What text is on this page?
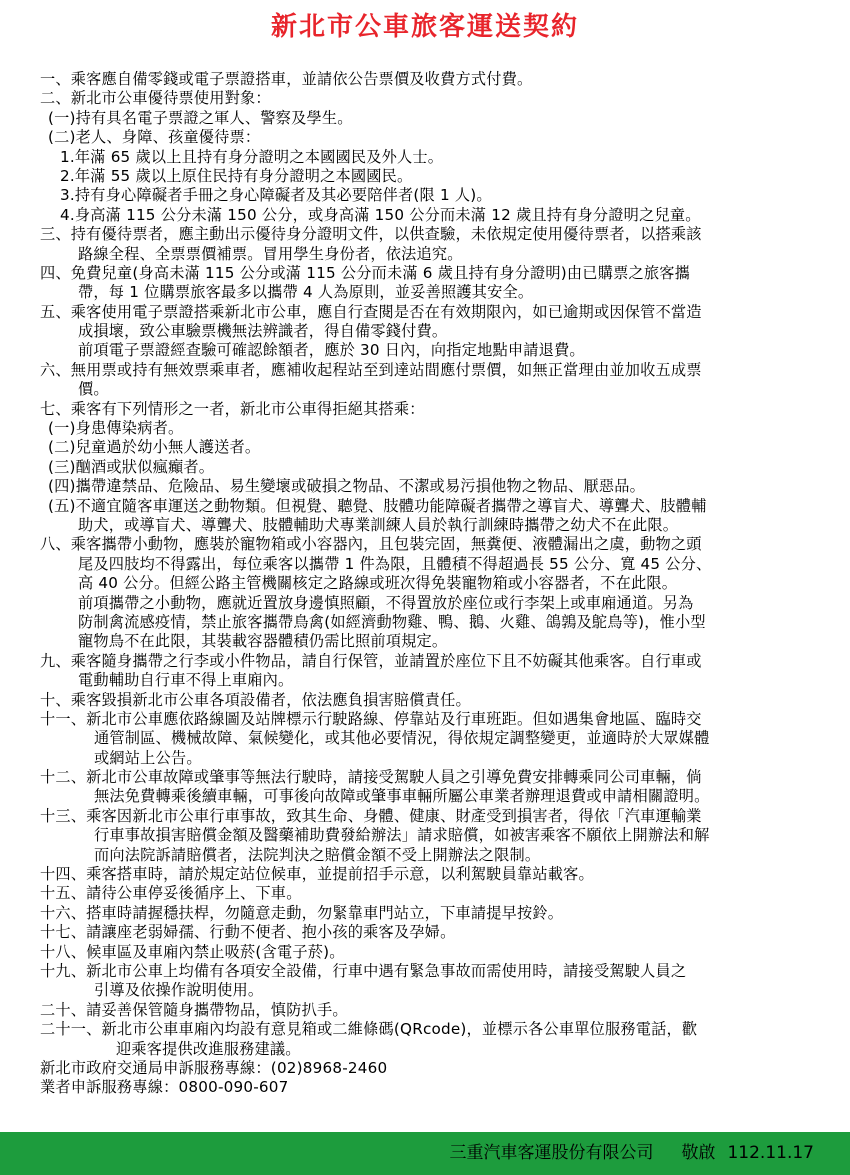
新北市公車旅客運送契約
一、乘客應自備零錢或電子票證搭車，並請依公告票價及收費方式付費。
二、新北市公車優待票使用對象：
(一)持有具名電子票證之軍人、警察及學生。
(二)老人、身障、孩童優待票：
1.年滿 65 歲以上且持有身分證明之本國國民及外人士。
2.年滿 55 歲以上原住民持有身分證明之本國國民。
3.持有身心障礙者手冊之身心障礙者及其必要陪伴者(限 1 人)。
4.身高滿 115 公分未滿 150 公分，或身高滿 150 公分而未滿 12 歲且持有身分證明之兒童。
三、持有優待票者，應主動出示優待身分證明文件，以供查驗，未依規定使用優待票者，以搭乘該
路線全程、全票票價補票。冒用學生身份者，依法追究。
四、免費兒童(身高未滿 115 公分或滿 115 公分而未滿 6 歲且持有身分證明)由已購票之旅客攜
帶，每 1 位購票旅客最多以攜帶 4 人為原則，並妥善照護其安全。
五、乘客使用電子票證搭乘新北市公車，應自行查閱是否在有效期限內，如已逾期或因保管不當造
成損壞，致公車驗票機無法辨識者，得自備零錢付費。
前項電子票證經查驗可確認餘額者，應於 30 日內，向指定地點申請退費。
六、無用票或持有無效票乘車者，應補收起程站至到達站間應付票價，如無正當理由並加收五成票
價。
七、乘客有下列情形之一者，新北市公車得拒絕其搭乘：
(一)身患傳染病者。
(二)兒童過於幼小無人護送者。
(三)酗酒或狀似瘋癲者。
(四)攜帶違禁品、危險品、易生變壞或破損之物品、不潔或易污損他物之物品、厭惡品。
(五)不適宜隨客車運送之動物類。但視覺、聽覺、肢體功能障礙者攜帶之導盲犬、導聾犬、肢體輔
助犬，或導盲犬、導聾犬、肢體輔助犬專業訓練人員於執行訓練時攜帶之幼犬不在此限。
八、乘客攜帶小動物，應裝於寵物箱或小容器內，且包裝完固，無糞便、液體漏出之虞，動物之頭
尾及四肢均不得露出，每位乘客以攜帶 1 件為限，且體積不得超過長 55 公分、寬 45 公分、
高 40 公分。但經公路主管機關核定之路線或班次得免裝寵物箱或小容器者，不在此限。
前項攜帶之小動物，應就近置放身邊慎照顧，不得置放於座位或行李架上或車廂通道。另為
防制禽流感疫情，禁止旅客攜帶鳥禽(如經濟動物雞、鴨、鵝、火雞、鴿鶉及鴕鳥等)，惟小型
寵物鳥不在此限，其裝載容器體積仍需比照前項規定。
九、乘客隨身攜帶之行李或小件物品，請自行保管，並請置於座位下且不妨礙其他乘客。自行車或
電動輔助自行車不得上車廂內。
十、乘客毀損新北市公車各項設備者，依法應負損害賠償責任。
十一、新北市公車應依路線圖及站牌標示行駛路線、停靠站及行車班距。但如遇集會地區、臨時交
通管制區、機械故障、氣候變化，或其他必要情況，得依規定調整變更，並適時於大眾媒體
或網站上公告。
十二、新北市公車故障或肇事等無法行駛時，請接受駕駛人員之引導免費安排轉乘同公司車輛，倘
無法免費轉乘後續車輛，可事後向故障或肇事車輛所屬公車業者辦理退費或申請相關證明。
十三、乘客因新北市公車行車事故，致其生命、身體、健康、財產受到損害者，得依「汽車運輸業
行車事故損害賠償金額及醫藥補助費發給辦法」請求賠償，如被害乘客不願依上開辦法和解
而向法院訴請賠償者，法院判決之賠償金額不受上開辦法之限制。
十四、乘客搭車時，請於規定站位候車，並提前招手示意，以利駕駛員靠站載客。
十五、請待公車停妥後循序上、下車。
十六、搭車時請握穩扶桿，勿隨意走動，勿緊靠車門站立，下車請提早按鈴。
十七、請讓座老弱婦孺、行動不便者、抱小孩的乘客及孕婦。
十八、候車區及車廂內禁止吸菸(含電子菸)。
十九、新北市公車上均備有各項安全設備，行車中遇有緊急事故而需使用時，請接受駕駛人員之
引導及依操作說明使用。
二十、請妥善保管隨身攜帶物品，慎防扒手。
二十一、新北市公車車廂內均設有意見箱或二維條碼(QRcode)，並標示各公車單位服務電話，歡
迎乘客提供改進服務建議。
新北市政府交通局申訴服務專線：(02)8968-2460
業者申訴服務專線：0800-090-607
三重汽車客運股份有限公司 敬啟 112.11.17
